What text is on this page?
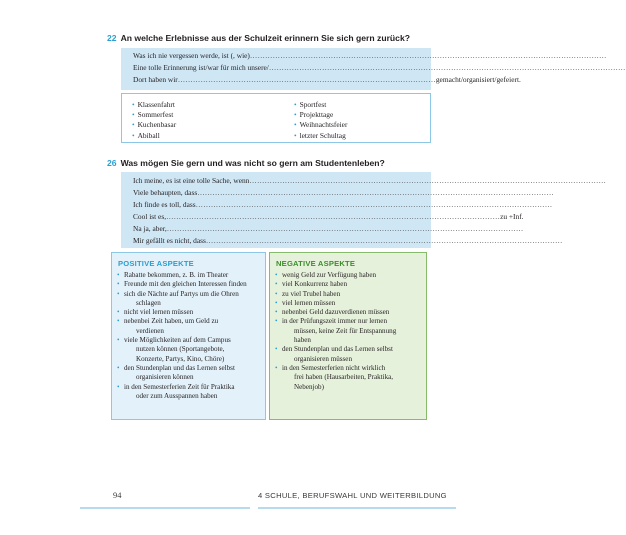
22 An welche Erlebnisse aus der Schulzeit erinnern Sie sich gern zurück?
Was ich nie vergessen werde, ist (, wie) ……………………………………………………………………………………………………………………………
Eine tolle Erinnerung ist/war für mich unsere/ ……………………………………………………………………………………………………………………………
Dort haben wir ………………………………………………………………………………………… gemacht/organisiert/gefeiert.
• Klassenfahrt
• Sommerfest
• Kuchenbasar
• Abiball
• Sportfest
• Projekttage
• Weihnachtsfeier
• letzter Schultag
26 Was mögen Sie gern und was nicht so gern am Studentenleben?
Ich meine, es ist eine tolle Sache, wenn ……………………………………………………………………………………………………………………………
Viele behaupten, dass ……………………………………………………………………………………………………………………………
Ich finde es toll, dass ……………………………………………………………………………………………………………………………
Cool ist es, …………………………………………………………………………………………………………………… zu +Inf.
Na ja, aber, ……………………………………………………………………………………………………………………………
Mir gefällt es nicht, dass ……………………………………………………………………………………………………………………………
POSITIVE ASPEKTE
• Rabatte bekommen, z. B. im Theater
• Freunde mit den gleichen Interessen finden
• sich die Nächte auf Partys um die Ohren
schlagen
• nicht viel lernen müssen
• nebenbei Zeit haben, um Geld zu
verdienen
• viele Möglichkeiten auf dem Campus
nutzen können (Sportangebote,
Konzerte, Partys, Kino, Chöre)
• den Stundenplan und das Lernen selbst
organisieren können
• in den Semesterferien Zeit für Praktika
oder zum Ausspannen haben
NEGATIVE ASPEKTE
• wenig Geld zur Verfügung haben
• viel Konkurrenz haben
• zu viel Trubel haben
• viel lernen müssen
• nebenbei Geld dazuverdienen müssen
• in der Prüfungszeit immer nur lernen
müssen, keine Zeit für Entspannung
haben
• den Stundenplan und das Lernen selbst
organisieren müssen
• in den Semesterferien nicht wirklich
frei haben (Hausarbeiten, Praktika,
Nebenjob)
94	4 SCHULE, BERUFSWAHL UND WEITERBILDUNG
